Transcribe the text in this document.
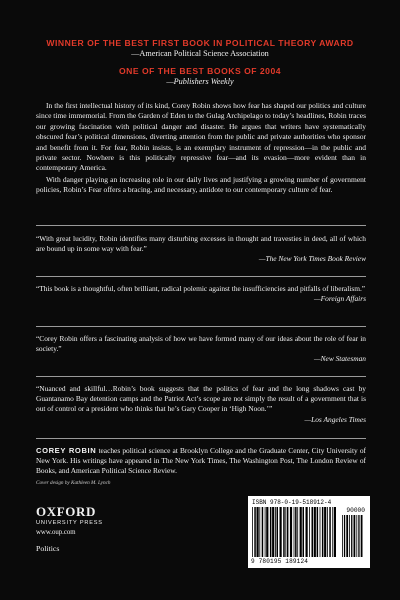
WINNER OF THE BEST FIRST BOOK IN POLITICAL THEORY AWARD
—American Political Science Association
ONE OF THE BEST BOOKS OF 2004
—Publishers Weekly

In the first intellectual history of its kind, Corey Robin shows how fear has shaped our politics and culture since time immemorial. From the Garden of Eden to the Gulag Archipelago to today’s headlines, Robin traces our growing fascination with political danger and disaster. He argues that writers have systematically obscured fear’s political dimensions, diverting attention from the public and private authorities who sponsor and benefit from it. For fear, Robin insists, is an exemplary instrument of repression—in the public and private sector. Nowhere is this politically repressive fear—and its evasion—more evident than in contemporary America.

With danger playing an increasing role in our daily lives and justifying a growing number of government policies, Robin’s Fear offers a bracing, and necessary, antidote to our contemporary culture of fear.

“With great lucidity, Robin identifies many disturbing excesses in thought and travesties in deed, all of which are bound up in some way with fear.”
—The New York Times Book Review
“This book is a thoughtful, often brilliant, radical polemic against the insufficiencies and pitfalls of liberalism.”
—Foreign Affairs
“Corey Robin offers a fascinating analysis of how we have formed many of our ideas about the role of fear in society.”
—New Statesman
“Nuanced and skillful…Robin’s book suggests that the politics of fear and the long shadows cast by Guantanamo Bay detention camps and the Patriot Act’s scope are not simply the result of a government that is out of control or a president who thinks that he’s Gary Cooper in ‘High Noon.’”
—Los Angeles Times
COREY ROBIN teaches political science at Brooklyn College and the Graduate Center, City University of New York. His writings have appeared in The New York Times, The Washington Post, The London Review of Books, and American Political Science Review.
Cover design by Kathleen M. Lynch
OXFORD
UNIVERSITY PRESS
www.oup.com
Politics
ISBN 978-0-19-518912-4
90000
9 780195 189124
